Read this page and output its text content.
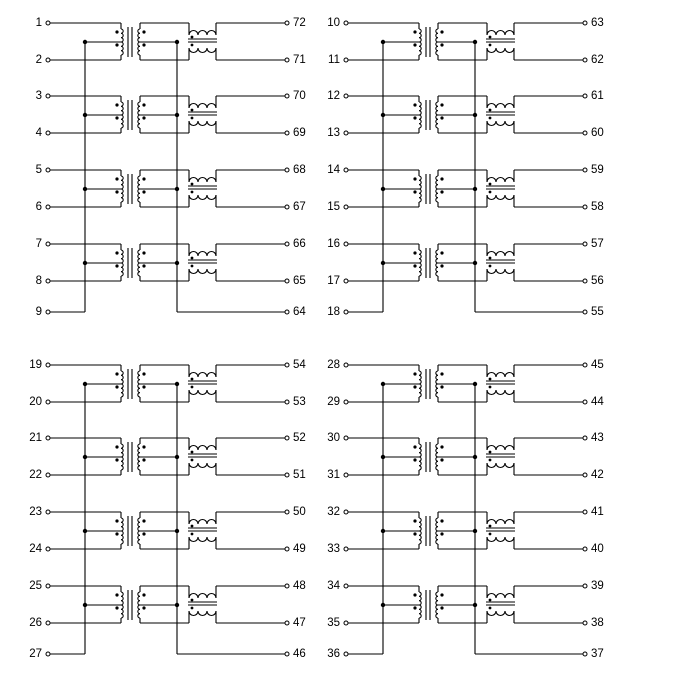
1
2
72
71
3
4
70
69
5
6
68
67
7
8
66
65
9	64
10
11
63
62
12
13
61
60
14
15
59
58
16
17
57
56
18	55
19
20
54
53
21
22
52
51
23
24
50
49
25
26
48
47
27	46
28
29
45
44
30
31
43
42
32
33
41
40
34
35
39
38
36	37
